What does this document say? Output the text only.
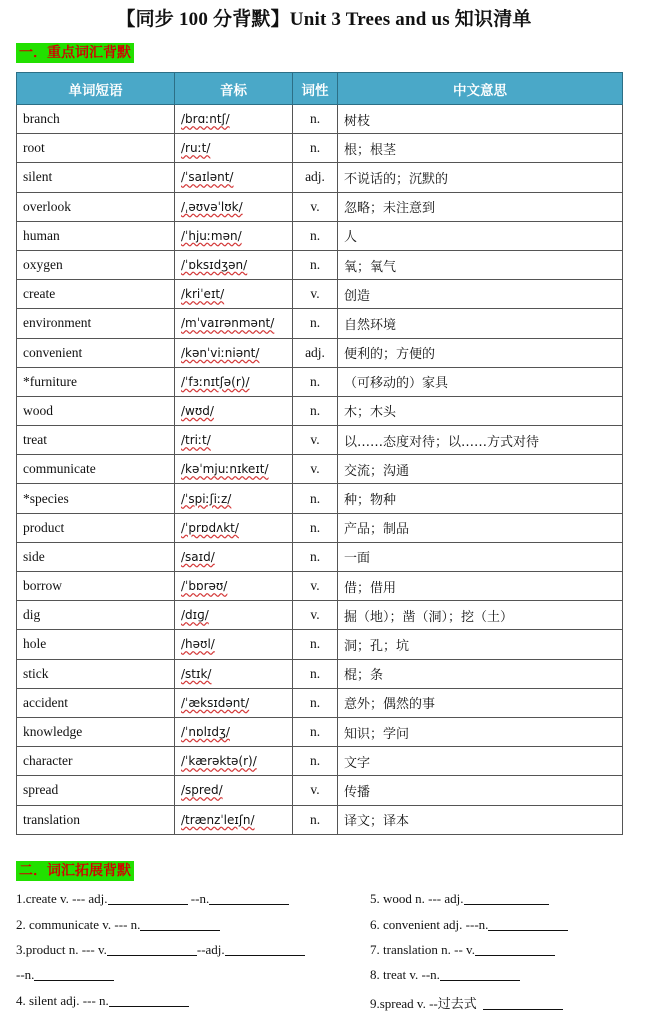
【同步 100 分背默】Unit 3 Trees and us 知识清单
一．重点词汇背默
单词短语	音标	词性	中文意思
branch	/brɑːntʃ/	n.	树枝
root	/ruːt/	n.	根；根茎
silent	/ˈsaɪlənt/	adj.	不说话的；沉默的
overlook	/ˌəʊvəˈlʊk/	v.	忽略；未注意到
human	/ˈhjuːmən/	n.	人
oxygen	/ˈɒksɪdʒən/	n.	氧；氧气
create	/kriˈeɪt/	v.	创造
environment	/mˈvaɪrənmənt/	n.	自然环境
convenient	/kənˈviːniənt/	adj.	便利的；方便的
*furniture	/ˈfɜːnɪtʃə(r)/	n.	（可移动的）家具
wood	/wʊd/	n.	木；木头
treat	/triːt/	v.	以……态度对待；以……方式对待
communicate	/kəˈmjuːnɪkeɪt/	v.	交流；沟通
*species	/ˈspiːʃiːz/	n.	种；物种
product	/ˈprɒdʌkt/	n.	产品；制品
side	/saɪd/	n.	一面
borrow	/ˈbɒrəʊ/	v.	借；借用
dig	/dɪɡ/	v.	掘（地）；凿（洞）；挖（土）
hole	/həʊl/	n.	洞；孔；坑
stick	/stɪk/	n.	棍；条
accident	/ˈæksɪdənt/	n.	意外；偶然的事
knowledge	/ˈnɒlɪdʒ/	n.	知识；学问
character	/ˈkærəktə(r)/	n.	文字
spread	/spred/	v.	传播
translation	/trænzˈleɪʃn/	n.	译文；译本
二．词汇拓展背默
1.create v. --- adj.	--n.
2. communicate v. --- n.
3.product n. --- v.	--adj.
--n.
4. silent adj. --- n.
5. wood n. --- adj.
6. convenient adj. ---n.
7. translation n. -- v.
8. treat v. --n.
9.spread v. --过去式
